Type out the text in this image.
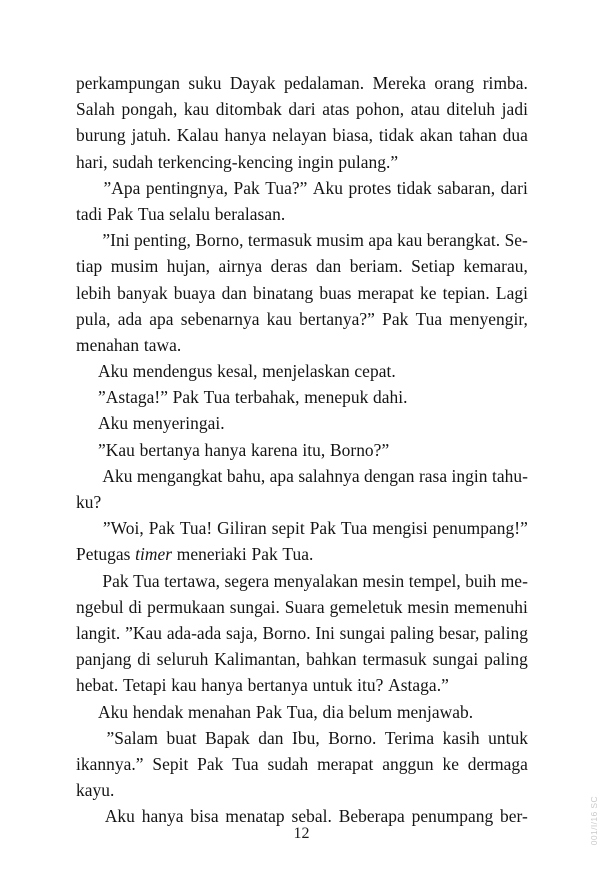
perkampungan suku Dayak pedalaman. Mereka orang rimba.
Salah pongah, kau ditombak dari atas pohon, atau diteluh jadi
burung jatuh. Kalau hanya nelayan biasa, tidak akan tahan dua
hari, sudah terkencing-kencing ingin pulang.”
”Apa pentingnya, Pak Tua?” Aku protes tidak sabaran, dari
tadi Pak Tua selalu beralasan.
”Ini penting, Borno, termasuk musim apa kau berangkat. Se-
tiap musim hujan, airnya deras dan beriam. Setiap kemarau,
lebih banyak buaya dan binatang buas merapat ke tepian. Lagi
pula, ada apa sebenarnya kau bertanya?” Pak Tua menyengir,
menahan tawa.
Aku mendengus kesal, menjelaskan cepat.
”Astaga!” Pak Tua terbahak, menepuk dahi.
Aku menyeringai.
”Kau bertanya hanya karena itu, Borno?”
Aku mengangkat bahu, apa salahnya dengan rasa ingin tahu-
ku?
”Woi, Pak Tua! Giliran sepit Pak Tua mengisi penumpang!”
Petugas timer meneriaki Pak Tua.
Pak Tua tertawa, segera menyalakan mesin tempel, buih me-
ngebul di permukaan sungai. Suara gemeletuk mesin memenuhi
langit. ”Kau ada-ada saja, Borno. Ini sungai paling besar, paling
panjang di seluruh Kalimantan, bahkan termasuk sungai paling
hebat. Tetapi kau hanya bertanya untuk itu? Astaga.”
Aku hendak menahan Pak Tua, dia belum menjawab.
”Salam buat Bapak dan Ibu, Borno. Terima kasih untuk
ikannya.” Sepit Pak Tua sudah merapat anggun ke dermaga
kayu.
Aku hanya bisa menatap sebal. Beberapa penumpang ber-
12	001/I/16 SC
